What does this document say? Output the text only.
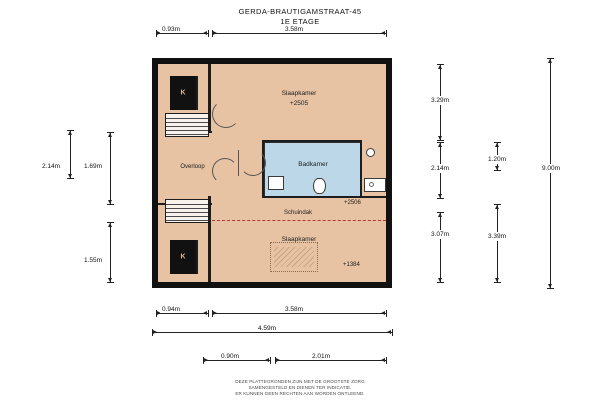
GERDA-BRAUTIGAMSTRAAT-45
1E ETAGE
Slaapkamer
+2505
Overloop	Badkamer
+2506
Slaapkamer
+1384
K
K
Schuindak
0.93m	3.58m
2.14m	1.69m
1.55m
3.29m
2.14m
3.07m
1.20m
3.39m
9.00m
0.94m	3.58m
4.59m
0.90m	2.01m
DEZE PLATTEGRONDEN ZIJN MET DE GROOTSTE ZORG
SAMENGESTELD EN DIENEN TER INDICATIE.
ER KUNNEN GEEN RECHTEN AAN WORDEN ONTLEEND.
